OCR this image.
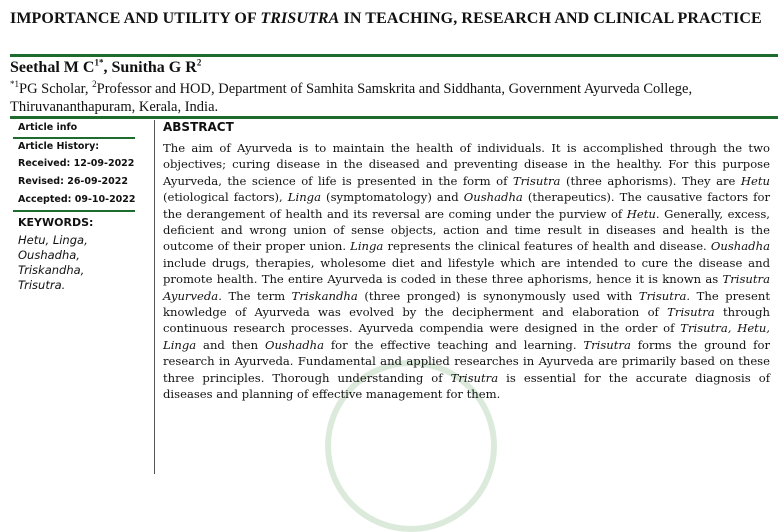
IMPORTANCE AND UTILITY OF TRISUTRA IN TEACHING, RESEARCH AND CLINICAL PRACTICE
Seethal M $C^{1*}$, Sunitha G $R^2$
$^{*1}$PG Scholar, $^2$Professor and HOD, Department of Samhita Samskrita and Siddhanta, Government Ayurveda College, Thiruvananthapuram, Kerala, India.
Article info
Article History:
Received: 12-09-2022
Revised: 26-09-2022
Accepted: 09-10-2022
KEYWORDS:
Hetu, Linga,
Oushadha,
Triskandha,
Trisutra.
ABSTRACT
The aim of Ayurveda is to maintain the health of individuals. It is accomplished through the two objectives; curing disease in the diseased and preventing disease in the healthy. For this purpose Ayurveda, the science of life is presented in the form of Trisutra (three aphorisms). They are Hetu (etiological factors), Linga (symptomatology) and Oushadha (therapeutics). The causative factors for the derangement of health and its reversal are coming under the purview of Hetu. Generally, excess, deficient and wrong union of sense objects, action and time result in diseases and health is the outcome of their proper union. Linga represents the clinical features of health and disease. Oushadha include drugs, therapies, wholesome diet and lifestyle which are intended to cure the disease and promote health. The entire Ayurveda is coded in these three aphorisms, hence it is known as Trisutra Ayurveda. The term Triskandha (three pronged) is synonymously used with Trisutra. The present knowledge of Ayurveda was evolved by the decipherment and elaboration of Trisutra through continuous research processes. Ayurveda compendia were designed in the order of Trisutra, Hetu, Linga and then Oushadha for the effective teaching and learning. Trisutra forms the ground for research in Ayurveda. Fundamental and applied researches in Ayurveda are primarily based on these three principles. Thorough understanding of Trisutra is essential for the accurate diagnosis of diseases and planning of effective management for them.
